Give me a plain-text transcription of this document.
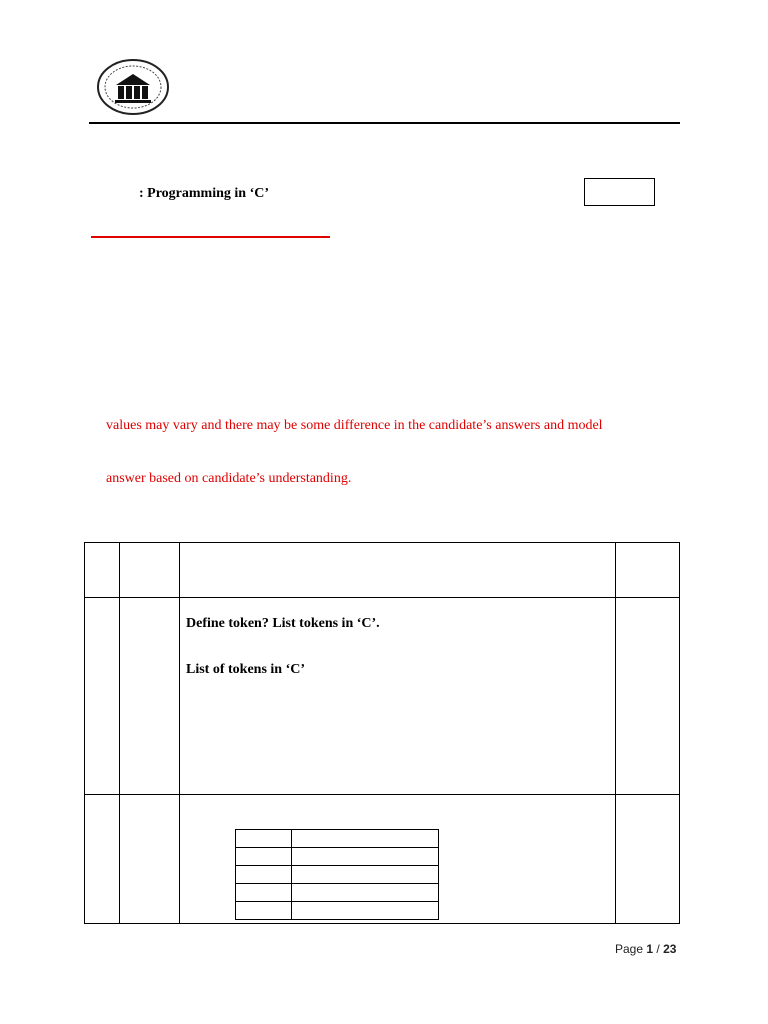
: Programming in ‘C’
values may vary and there may be some difference in the candidate’s answers and model
answer based on candidate’s understanding.

Define token? List tokens in ‘C’.

List of tokens in ‘C’

Page 1 / 23
